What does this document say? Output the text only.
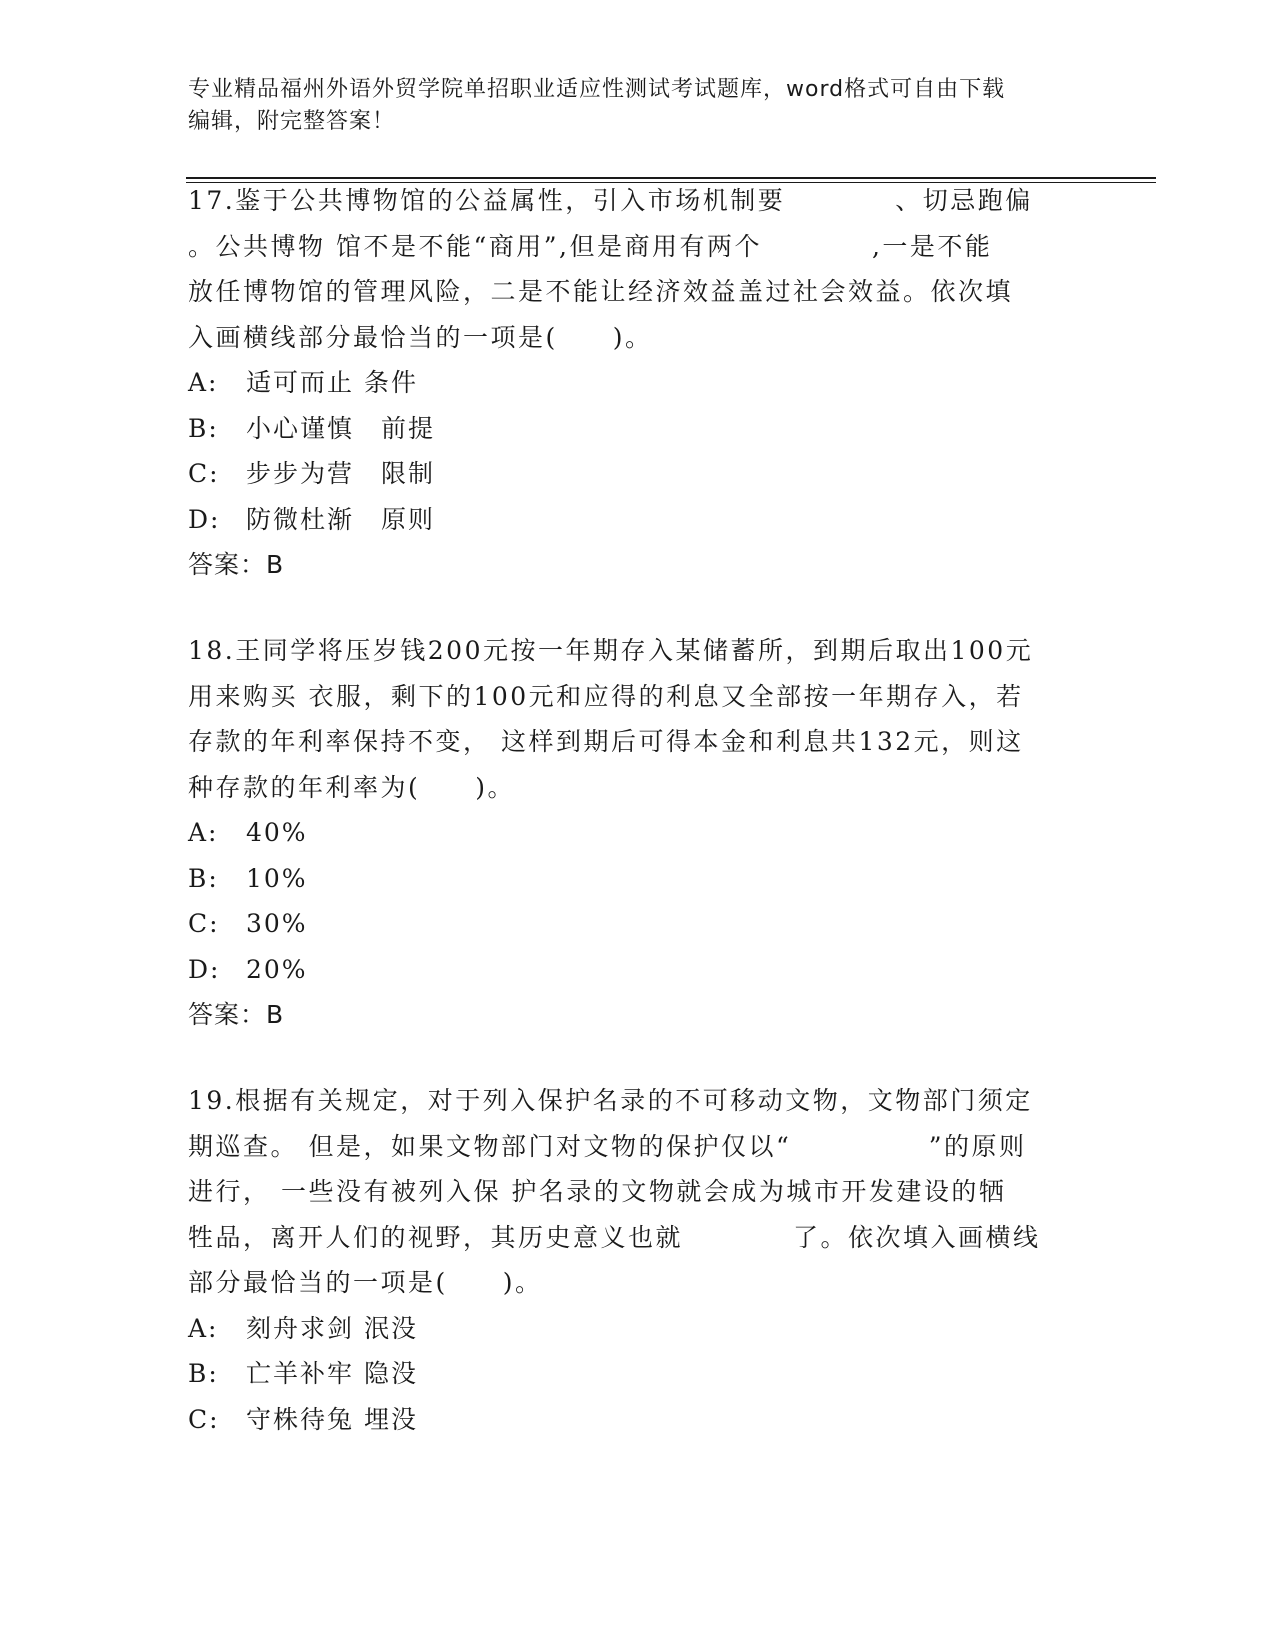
专业精品福州外语外贸学院单招职业适应性测试考试题库，word格式可自由下载
编辑，附完整答案！

17.鉴于公共博物馆的公益属性，引入市场机制要　　　　、切忌跑偏
。公共博物 馆不是不能“商用”,但是商用有两个　　　　,一是不能
放任博物馆的管理风险，二是不能让经济效益盖过社会效益。依次填
入画横线部分最恰当的一项是(　　)。

A:	适可而止 条件
B:	小心谨慎　前提
C:	步步为营　限制
D:	防微杜渐　原则

答案：B

18.王同学将压岁钱200元按一年期存入某储蓄所，到期后取出100元
用来购买 衣服，剩下的100元和应得的利息又全部按一年期存入，若
存款的年利率保持不变， 这样到期后可得本金和利息共132元，则这
种存款的年利率为(　　)。

A:	40%
B:	10%
C:	30%
D:	20%

答案：B

19.根据有关规定，对于列入保护名录的不可移动文物，文物部门须定
期巡查。 但是，如果文物部门对文物的保护仅以“　　　　　”的原则
进行， 一些没有被列入保 护名录的文物就会成为城市开发建设的牺
牲品，离开人们的视野，其历史意义也就　　　　了。依次填入画横线
部分最恰当的一项是(　　)。

A:	刻舟求剑 泯没
B:	亡羊补牢 隐没
C:	守株待兔 埋没
